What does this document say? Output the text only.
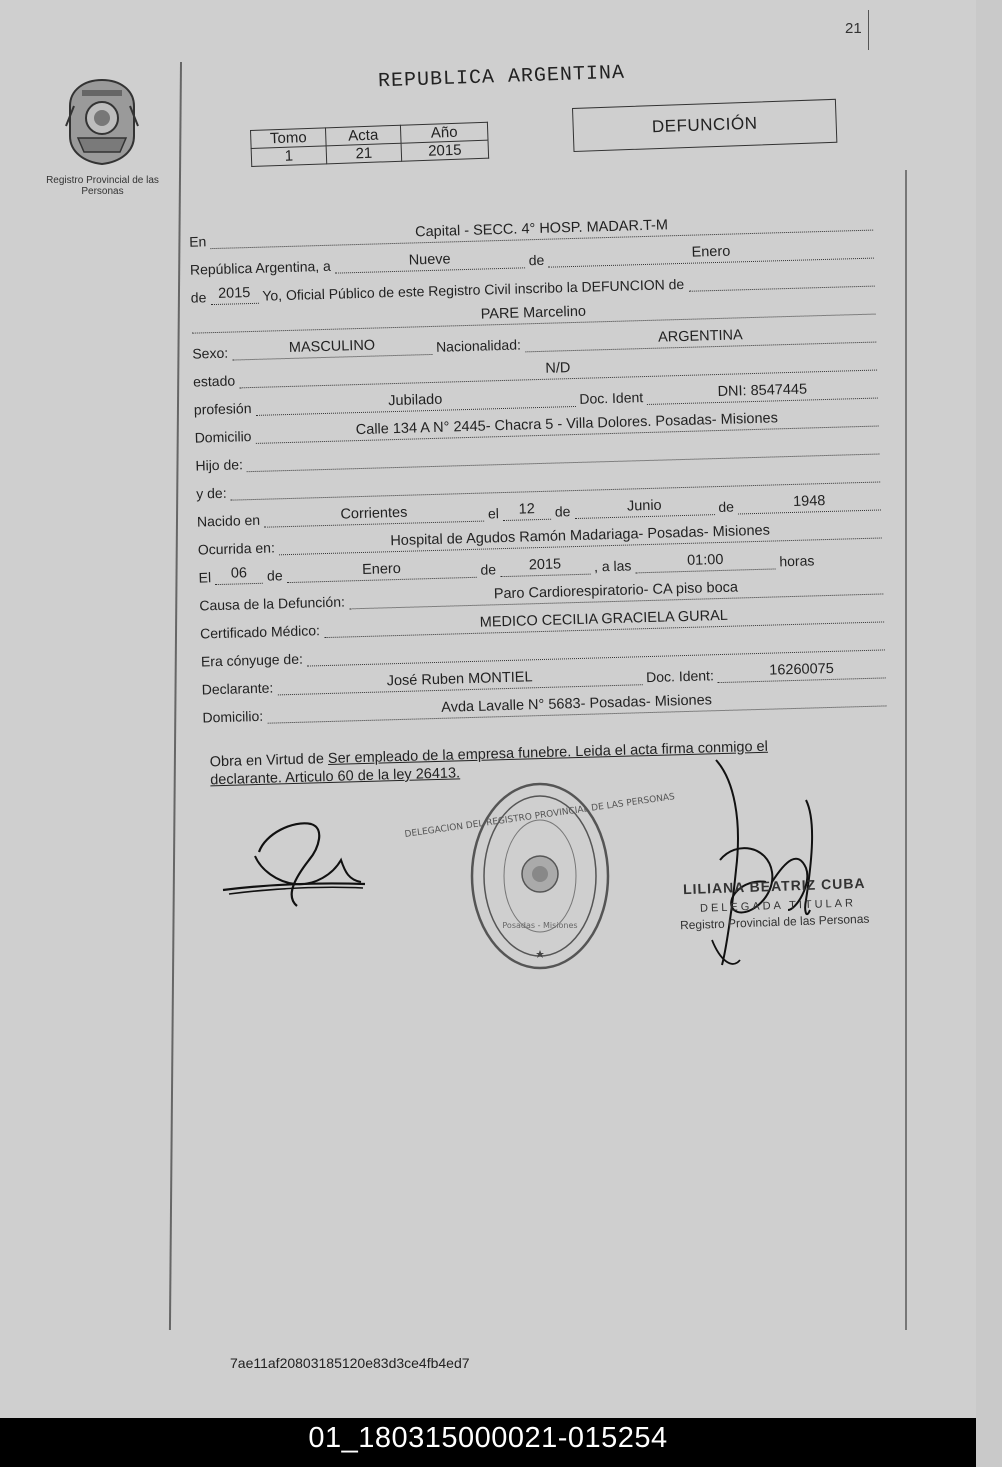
21
Registro Provincial de las Personas
REPUBLICA ARGENTINA
Tomo	Acta	Año
1	21	2015
DEFUNCIÓN
En
Capital - SECC. 4° HOSP. MADAR.T-M
República Argentina, a	Nueve	de	Enero
de 2015 Yo, Oficial Público de este Registro Civil inscribo la DEFUNCION de
PARE Marcelino
Sexo:	MASCULINO	Nacionalidad:
ARGENTINA
estado
N/D
profesión	Jubilado	Doc. Ident	DNI: 8547445
Domicilio	Calle 134 A N° 2445- Chacra 5 - Villa Dolores. Posadas- Misiones
Hijo de:
y de:
Nacido en	Corrientes	el	12	de	Junio	de	1948
Ocurrida en:	Hospital de Agudos Ramón Madariaga- Posadas- Misiones
El	06	de	Enero	de	2015	, a las	01:00	horas
Causa de la Defunción:
Paro Cardiorespiratorio- CA piso boca
Certificado Médico:
MEDICO CECILIA GRACIELA GURAL
Era cónyuge de:
Declarante:	José Ruben MONTIEL	Doc. Ident:	16260075
Domicilio:
Avda Lavalle N° 5683- Posadas- Misiones
Obra en Virtud de Ser empleado de la empresa funebre. Leida el acta firma conmigo el
declarante. Articulo 60 de la ley 26413.
DELEGACION DEL REGISTRO PROVINCIAL DE LAS PERSONAS
Posadas - Misiones
LILIANA BEATRIZ CUBA
DELEGADA TITULAR
Registro Provincial de las Personas
7ae11af20803185120e83d3ce4fb4ed7
01_180315000021-015254
